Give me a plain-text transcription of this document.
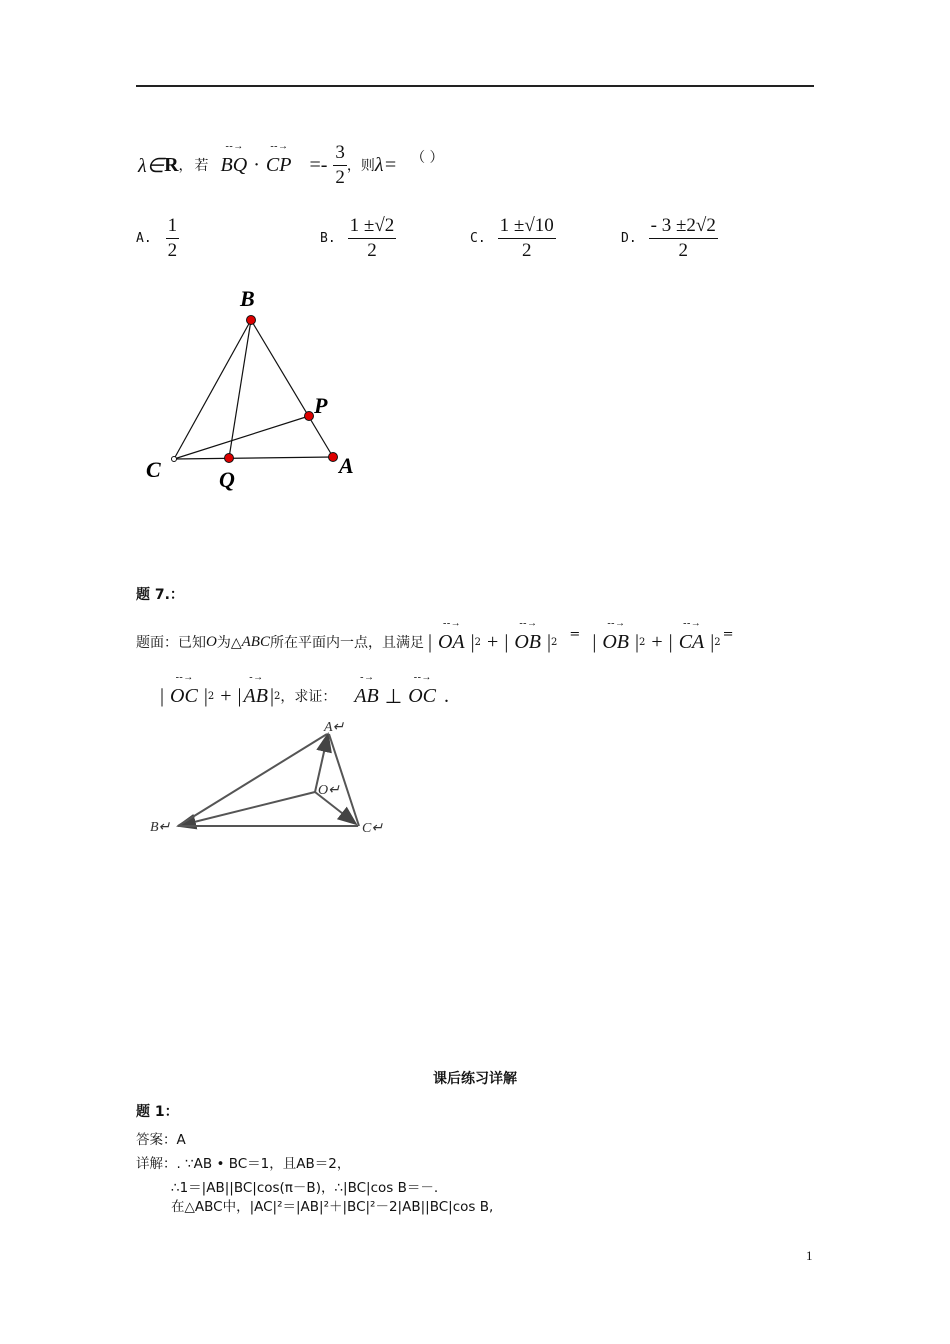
λ∈ R ， 若
- - →
BQ ·
- - →
CP =- $\frac{3}{2}$ ，则 λ= （ ）
A. $\frac{1}{2}$	B. $\frac{1 \pm√2}{2}$	C. $\frac{1 \pm√10}{2}$	D. $\frac{- 3 \pm 2√2}{2}$
B
P
C	Q
A
题 7.：
题面：已知 O 为△ ABC 所在平面内一点，且满足 |
- - →
OA | 2 + |
- - →
OB | 2
= |
- - →
OB | 2 + |
- - →
CA | 2
=
|
- - →
OC | 2 + |
- →
AB | 2 ，求证：
- →
AB ⊥
- - →
OC .
A↵
O↵
B↵	C↵
课后练习详解
题 1：
答案：A
详解：. ∵AB • BC＝1，且AB＝2，
∴1＝|AB||BC|cos(π－B)，∴|BC|cos B＝－.
在△ABC中，|AC|²＝|AB|²＋|BC|²－2|AB||BC|cos B,
1
